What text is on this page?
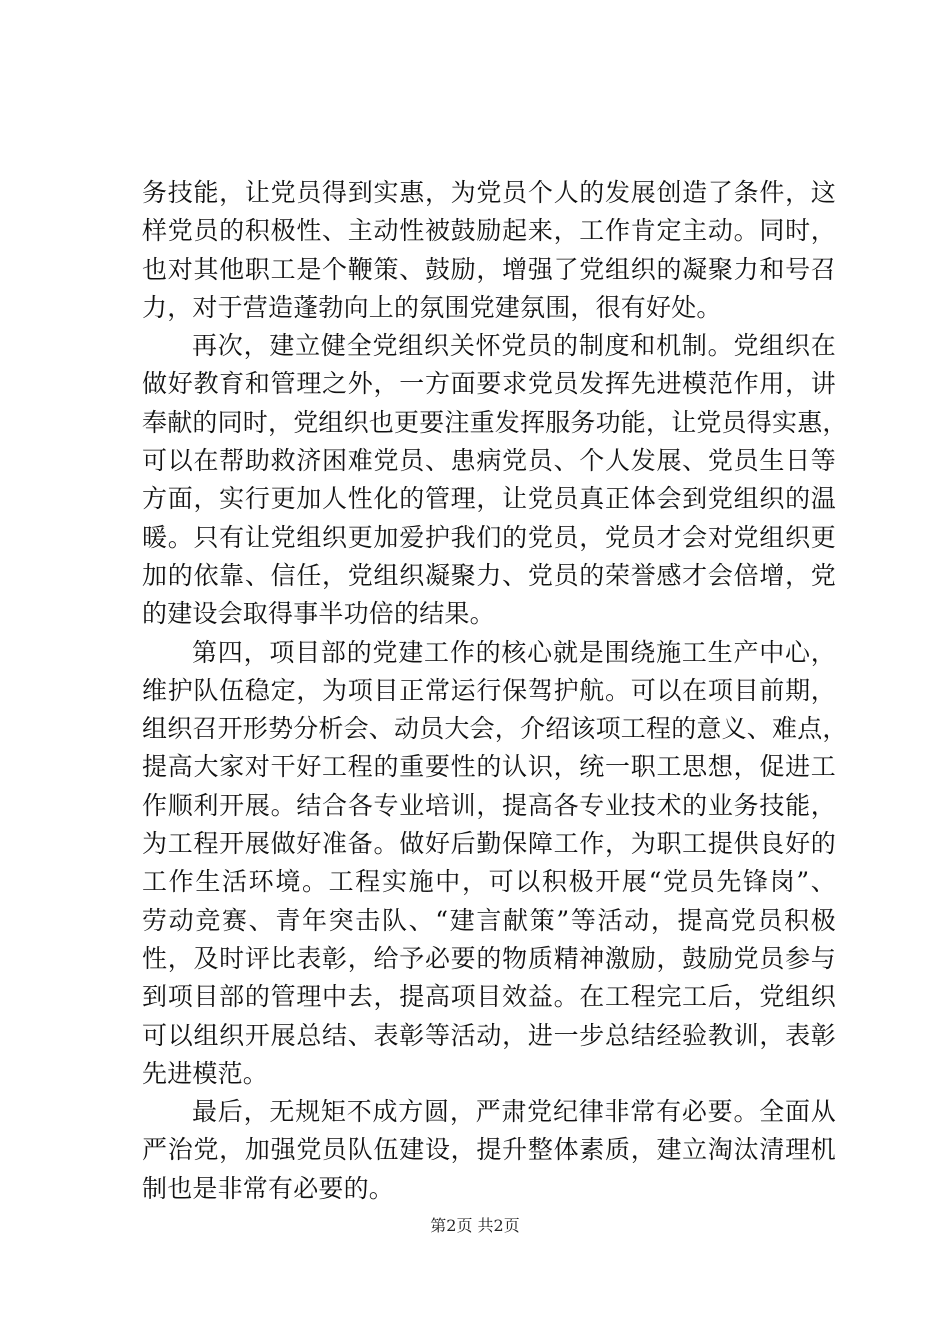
务技能，让党员得到实惠，为党员个人的发展创造了条件，这
样党员的积极性、主动性被鼓励起来，工作肯定主动。同时，
也对其他职工是个鞭策、鼓励，增强了党组织的凝聚力和号召
力，对于营造蓬勃向上的氛围党建氛围，很有好处。
再次，建立健全党组织关怀党员的制度和机制。党组织在
做好教育和管理之外，一方面要求党员发挥先进模范作用，讲
奉献的同时，党组织也更要注重发挥服务功能，让党员得实惠，
可以在帮助救济困难党员、患病党员、个人发展、党员生日等
方面，实行更加人性化的管理，让党员真正体会到党组织的温
暖。只有让党组织更加爱护我们的党员，党员才会对党组织更
加的依靠、信任，党组织凝聚力、党员的荣誉感才会倍增，党
的建设会取得事半功倍的结果。
第四，项目部的党建工作的核心就是围绕施工生产中心，
维护队伍稳定，为项目正常运行保驾护航。可以在项目前期，
组织召开形势分析会、动员大会，介绍该项工程的意义、难点，
提高大家对干好工程的重要性的认识，统一职工思想，促进工
作顺利开展。结合各专业培训，提高各专业技术的业务技能，
为工程开展做好准备。做好后勤保障工作，为职工提供良好的
工作生活环境。工程实施中，可以积极开展“党员先锋岗”、
劳动竞赛、青年突击队、“建言献策”等活动，提高党员积极
性，及时评比表彰，给予必要的物质精神激励，鼓励党员参与
到项目部的管理中去，提高项目效益。在工程完工后，党组织
可以组织开展总结、表彰等活动，进一步总结经验教训，表彰
先进模范。
最后，无规矩不成方圆，严肃党纪律非常有必要。全面从
严治党，加强党员队伍建设，提升整体素质，建立淘汰清理机
制也是非常有必要的。
第2页 共2页
